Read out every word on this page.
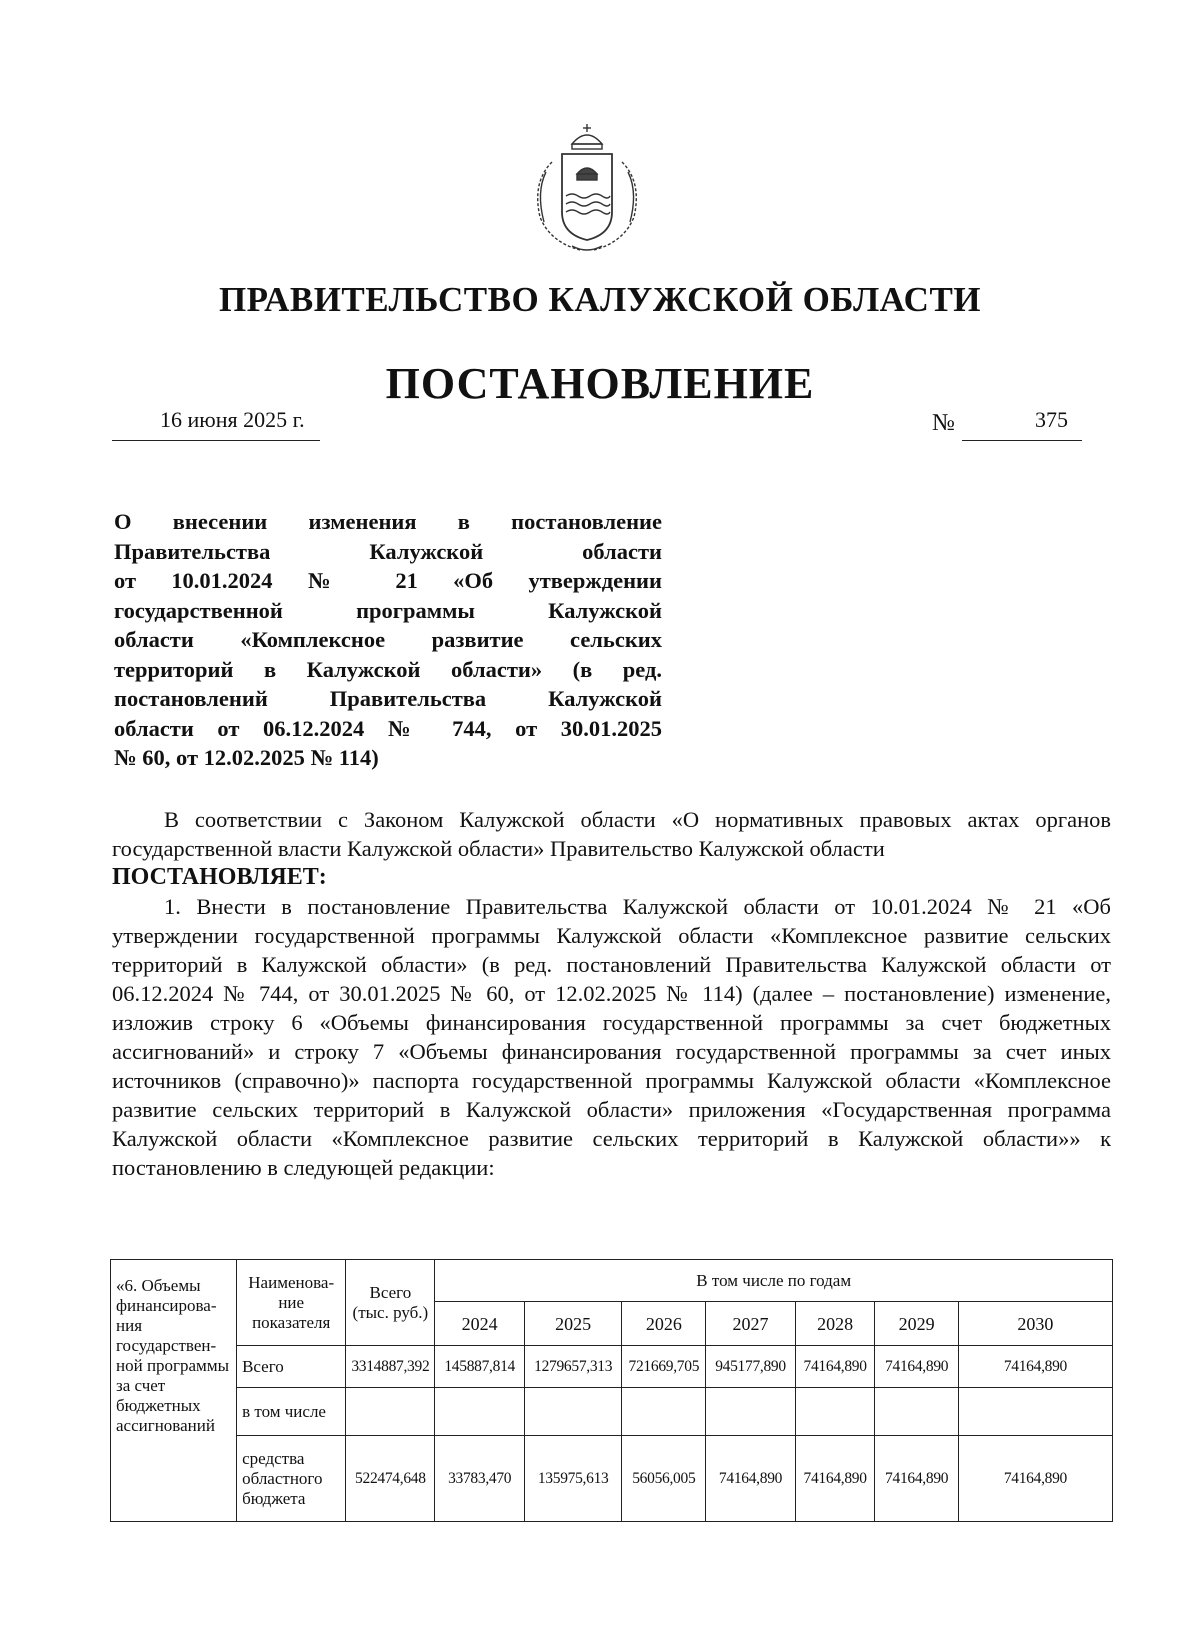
ПРАВИТЕЛЬСТВО КАЛУЖСКОЙ ОБЛАСТИ
ПОСТАНОВЛЕНИЕ
16 июня 2025 г.	№	375
О внесении изменения в постановление
Правительства Калужской области
от 10.01.2024 № 21 «Об утверждении
государственной программы Калужской
области «Комплексное развитие сельских
территорий в Калужской области» (в ред.
постановлений Правительства Калужской
области от 06.12.2024 № 744, от 30.01.2025
№ 60, от 12.02.2025 № 114)

В соответствии с Законом Калужской области «О нормативных правовых актах органов государственной власти Калужской области» Правительство Калужской области

ПОСТАНОВЛЯЕТ:

1. Внести в постановление Правительства Калужской области от 10.01.2024 № 21 «Об утверждении государственной программы Калужской области «Комплексное развитие сельских территорий в Калужской области» (в ред. постановлений Правительства Калужской области от 06.12.2024 № 744, от 30.01.2025 № 60, от 12.02.2025 № 114) (далее – постановление) изменение, изложив строку 6 «Объемы финансирования государственной программы за счет бюджетных ассигнований» и строку 7 «Объемы финансирования государственной программы за счет иных источников (справочно)» паспорта государственной программы Калужской области «Комплексное развитие сельских территорий в Калужской области» приложения «Государственная программа Калужской области «Комплексное развитие сельских территорий в Калужской области»» к постановлению в следующей редакции:

«6. Объемы финансирова-ния государствен-ной программы за счет бюджетных ассигнований	Наименова-ние показателя	Всего (тыс. руб.)	В том числе по годам						
			2024	2025	2026	2027	2028	2029	2030
	Всего	3314887,392	145887,814	1279657,313	721669,705	945177,890	74164,890	74164,890	74164,890
	в том числе								
	средства областного бюджета	522474,648	33783,470	135975,613	56056,005	74164,890	74164,890	74164,890	74164,890
